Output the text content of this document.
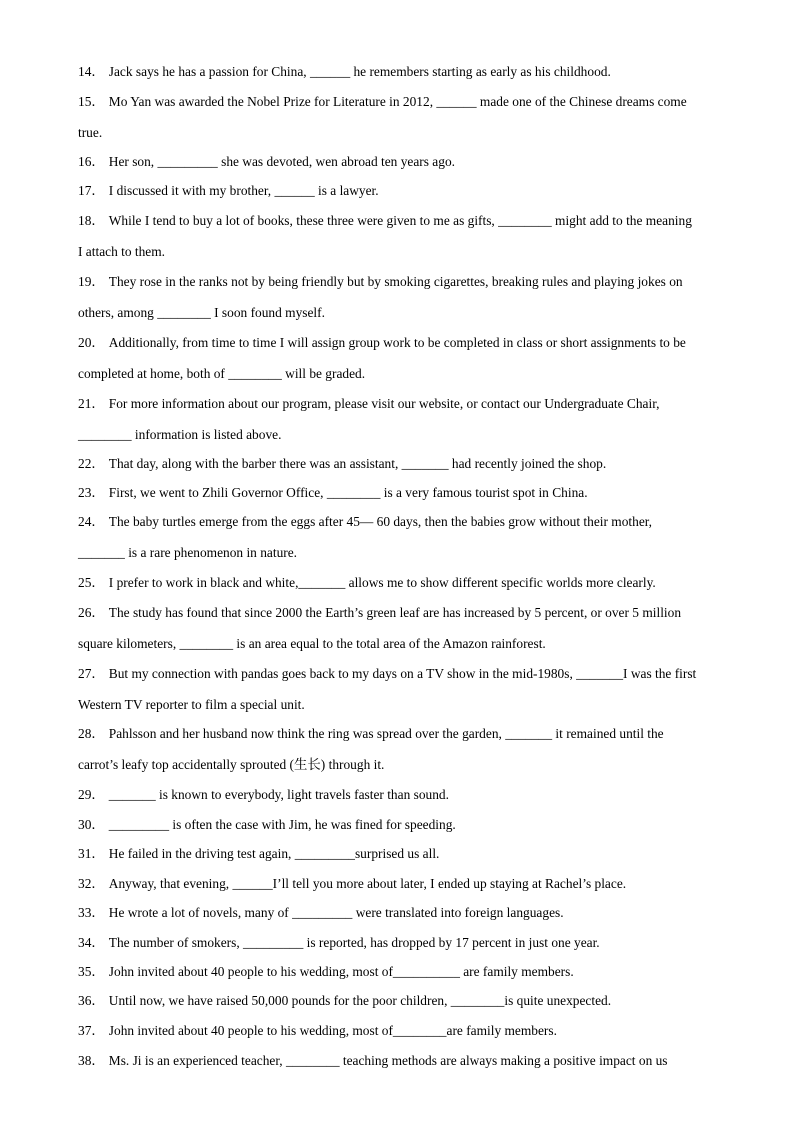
14． Jack says he has a passion for China, ______ he remembers starting as early as his childhood.
15． Mo Yan was awarded the Nobel Prize for Literature in 2012, ______ made one of the Chinese dreams come
true.
16． Her son, _________ she was devoted, wen abroad ten years ago.
17． I discussed it with my brother, ______ is a lawyer.
18． While I tend to buy a lot of books, these three were given to me as gifts, ________ might add to the meaning
I attach to them.
19． They rose in the ranks not by being friendly but by smoking cigarettes, breaking rules and playing jokes on
others, among ________ I soon found myself.
20． Additionally, from time to time I will assign group work to be completed in class or short assignments to be
completed at home, both of ________ will be graded.
21． For more information about our program, please visit our website, or contact our Undergraduate Chair,
________ information is listed above.
22． That day, along with the barber there was an assistant, _______ had recently joined the shop.
23． First, we went to Zhili Governor Office, ________ is a very famous tourist spot in China.
24． The baby turtles emerge from the eggs after 45— 60 days, then the babies grow without their mother,
_______ is a rare phenomenon in nature.
25． I prefer to work in black and white,_______ allows me to show different specific worlds more clearly.
26． The study has found that since 2000 the Earth’s green leaf are has increased by 5 percent, or over 5 million
square kilometers, ________ is an area equal to the total area of the Amazon rainforest.
27． But my connection with pandas goes back to my days on a TV show in the mid-1980s, _______I was the first
Western TV reporter to film a special unit.
28． Pahlsson and her husband now think the ring was spread over the garden, _______ it remained until the
carrot’s leafy top accidentally sprouted (生长) through it.
29． _______ is known to everybody, light travels faster than sound.
30． _________ is often the case with Jim, he was fined for speeding.
31． He failed in the driving test again, _________surprised us all.
32． Anyway, that evening, ______I’ll tell you more about later, I ended up staying at Rachel’s place.
33． He wrote a lot of novels, many of _________ were translated into foreign languages.
34． The number of smokers, _________ is reported, has dropped by 17 percent in just one year.
35． John invited about 40 people to his wedding, most of__________ are family members.
36． Until now, we have raised 50,000 pounds for the poor children, ________is quite unexpected.
37． John invited about 40 people to his wedding, most of________are family members.
38． Ms. Ji is an experienced teacher, ________ teaching methods are always making a positive impact on us
